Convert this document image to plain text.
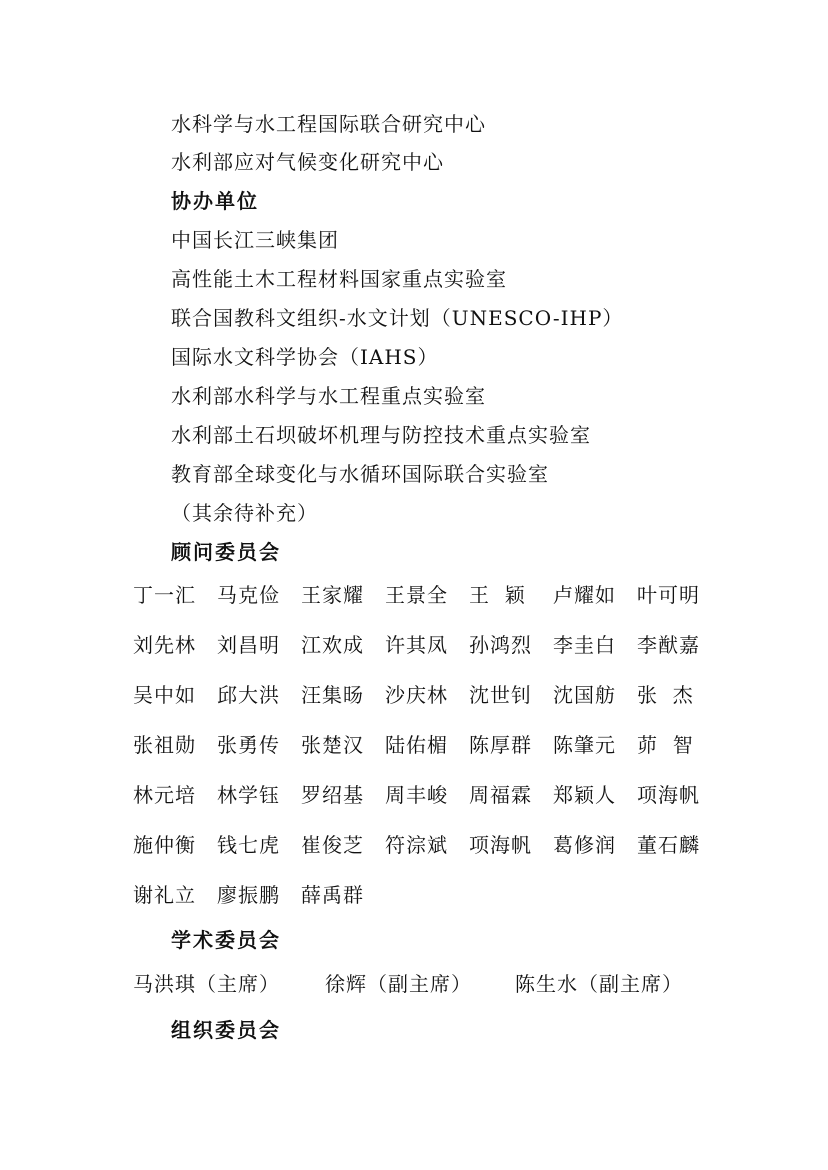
水科学与水工程国际联合研究中心
水利部应对气候变化研究中心
协办单位
中国长江三峡集团
高性能土木工程材料国家重点实验室
联合国教科文组织-水文计划（UNESCO-IHP）
国际水文科学协会（IAHS）
水利部水科学与水工程重点实验室
水利部土石坝破坏机理与防控技术重点实验室
教育部全球变化与水循环国际联合实验室
（其余待补充）
顾问委员会
丁一汇 马克俭 王家耀 王景全 王  颖 卢耀如 叶可明
刘先林 刘昌明 江欢成 许其凤 孙鸿烈 李圭白 李猷嘉
吴中如 邱大洪 汪集旸 沙庆林 沈世钊 沈国舫 张  杰
张祖勋 张勇传 张楚汉 陆佑楣 陈厚群 陈肇元 茆  智
林元培 林学钰 罗绍基 周丰峻 周福霖 郑颖人 项海帆
施仲衡 钱七虎 崔俊芝 符淙斌 项海帆 葛修润 董石麟
谢礼立 廖振鹏 薛禹群
学术委员会
马洪琪（主席） 徐辉（副主席） 陈生水（副主席）
组织委员会
